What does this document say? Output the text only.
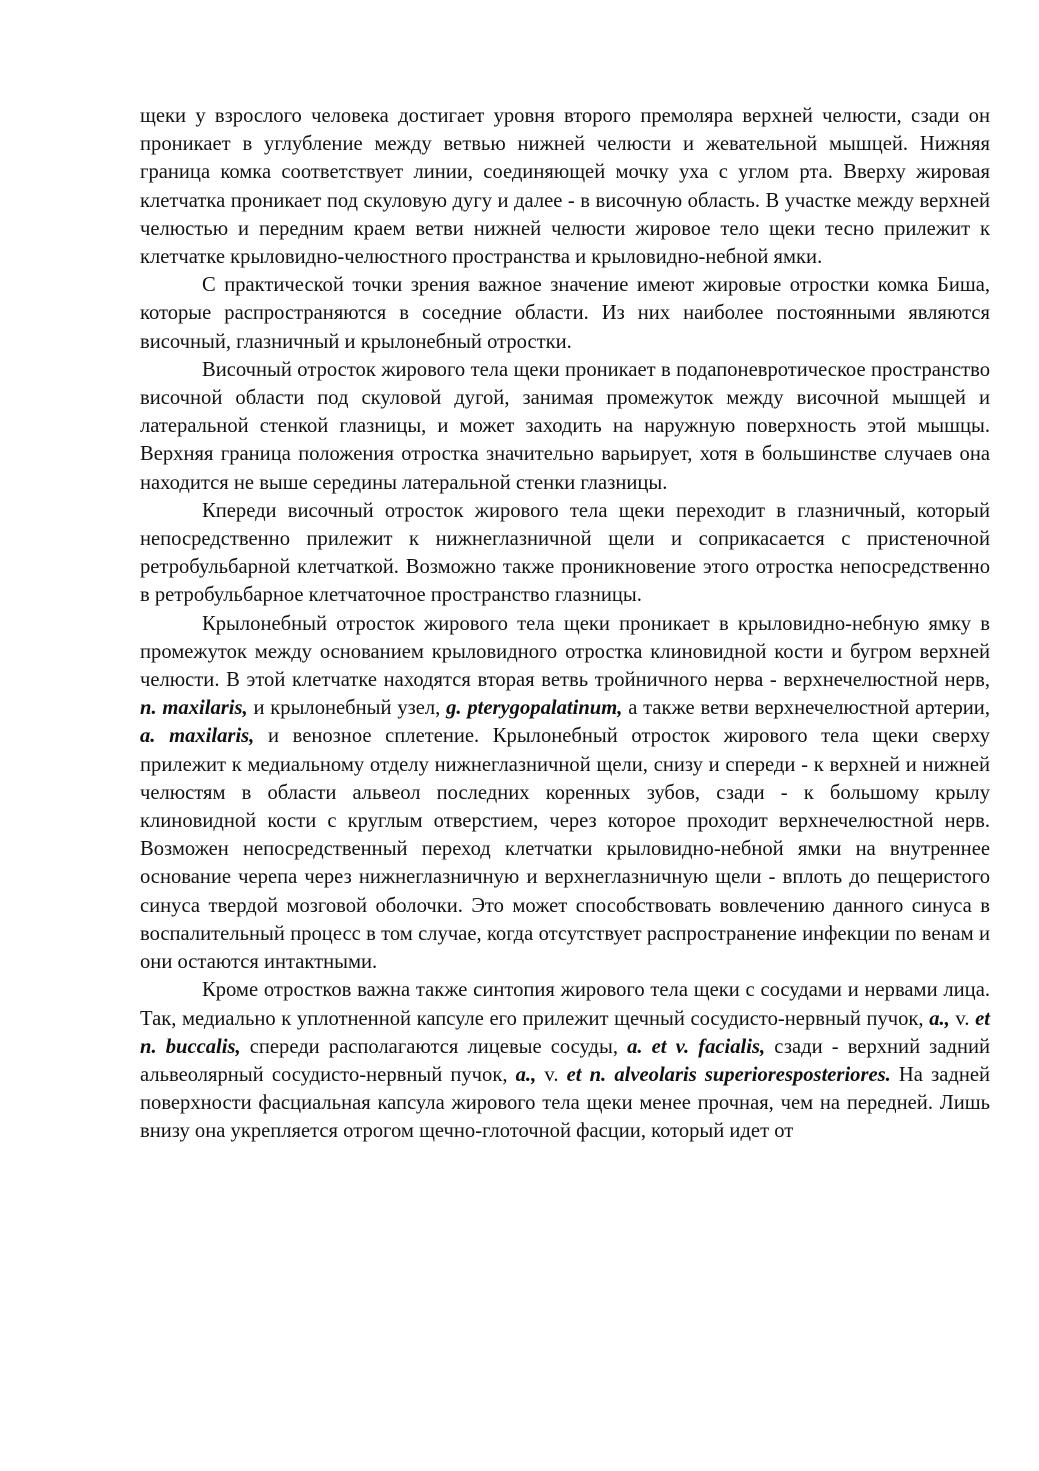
щеки у взрослого человека достигает уровня второго премоляра верхней челюсти, сзади он проникает в углубление между ветвью нижней челюсти и жевательной мышцей. Нижняя граница комка соответствует линии, соединяющей мочку уха с углом рта. Вверху жировая клетчатка проникает под скуловую дугу и далее - в височную область. В участке между верхней челюстью и передним краем ветви нижней челюсти жировое тело щеки тесно прилежит к клетчатке крыловидно-челюстного пространства и крыловидно-небной ямки.

С практической точки зрения важное значение имеют жировые отростки комка Биша, которые распространяются в соседние области. Из них наиболее постоянными являются височный, глазничный и крылонебный отростки.

Височный отросток жирового тела щеки проникает в подапоневротическое пространство височной области под скуловой дугой, занимая промежуток между височной мышцей и латеральной стенкой глазницы, и может заходить на наружную поверхность этой мышцы. Верхняя граница положения отростка значительно варьирует, хотя в большинстве случаев она находится не выше середины латеральной стенки глазницы.

Кпереди височный отросток жирового тела щеки переходит в глазничный, который непосредственно прилежит к нижнеглазничной щели и соприкасается с пристеночной ретробульбарной клетчаткой. Возможно также проникновение этого отростка непосредственно в ретробульбарное клетчаточное пространство глазницы.

Крылонебный отросток жирового тела щеки проникает в крыловидно-небную ямку в промежуток между основанием крыловидного отростка клиновидной кости и бугром верхней челюсти. В этой клетчатке находятся вторая ветвь тройничного нерва - верхнечелюстной нерв, n. maxilaris, и крылонебный узел, g. pterygopalatinum, а также ветви верхнечелюстной артерии, a. maxilaris, и венозное сплетение. Крылонебный отросток жирового тела щеки сверху прилежит к медиальному отделу нижнеглазничной щели, снизу и спереди - к верхней и нижней челюстям в области альвеол последних коренных зубов, сзади - к большому крылу клиновидной кости с круглым отверстием, через которое проходит верхнечелюстной нерв. Возможен непосредственный переход клетчатки крыловидно-небной ямки на внутреннее основание черепа через нижнеглазничную и верхнеглазничную щели - вплоть до пещеристого синуса твердой мозговой оболочки. Это может способствовать вовлечению данного синуса в воспалительный процесс в том случае, когда отсутствует распространение инфекции по венам и они остаются интактными.

Кроме отростков важна также синтопия жирового тела щеки с сосудами и нервами лица. Так, медиально к уплотненной капсуле его прилежит щечный сосудисто-нервный пучок, a., v. et n. buccalis, спереди располагаются лицевые сосуды, a. et v. facialis, сзади - верхний задний альвеолярный сосудисто-нервный пучок, a., v. et n. alveolaris superioresposteriores. На задней поверхности фасциальная капсула жирового тела щеки менее прочная, чем на передней. Лишь внизу она укрепляется отрогом щечно-глоточной фасции, который идет от
